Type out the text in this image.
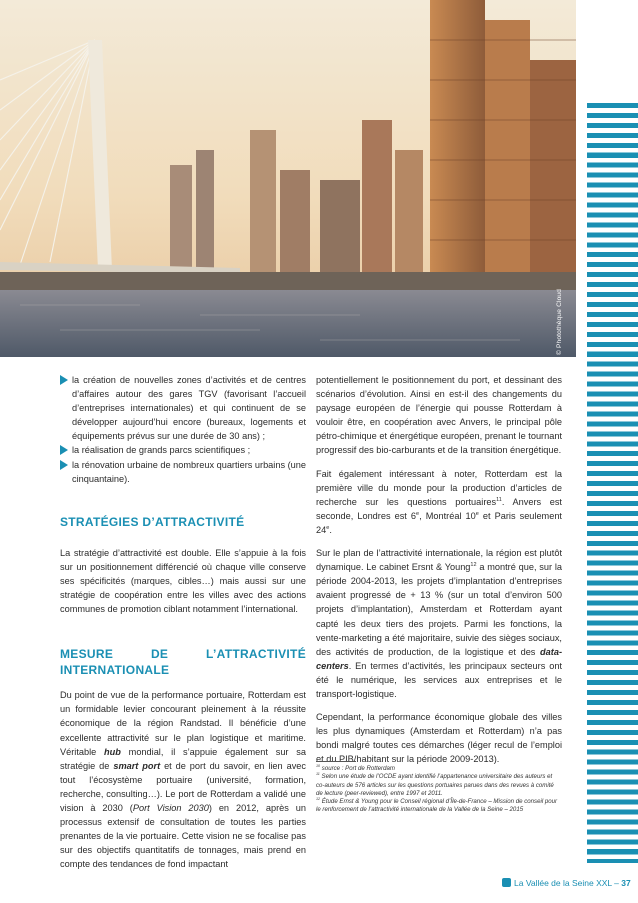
© Photothèque Cloud

la création de nouvelles zones d’activités et de centres d’affaires autour des gares TGV (favorisant l’accueil d’entreprises internationales) et qui continuent de se développer aujourd’hui encore (bureaux, logements et équipements prévus sur une durée de 30 ans) ;

la réalisation de grands parcs scientifiques ;

la rénovation urbaine de nombreux quartiers urbains (une cinquantaine).

STRATÉGIES D’ATTRACTIVITÉ

La stratégie d’attractivité est double. Elle s’appuie à la fois sur un positionnement différencié où chaque ville conserve ses spécificités (marques, cibles…) mais aussi sur une stratégie de coopération entre les villes avec des actions communes de promotion ciblant notamment l’international.

MESURE DE L’ATTRACTIVITÉ INTERNATIONALE

Du point de vue de la performance portuaire, Rotterdam est un formidable levier concourant pleinement à la réussite économique de la région Randstad. Il bénéficie d’une excellente attractivité sur le plan logistique et maritime. Véritable hub mondial, il s’appuie également sur sa stratégie de smart port et de port du savoir, en lien avec tout l’écosystème portuaire (université, formation, recherche, consulting…). Le port de Rotterdam a validé une vision à 2030 (Port Vision 2030) en 2012, après un processus extensif de consultation de toutes les parties prenantes de la vie portuaire. Cette vision ne se focalise pas sur des objectifs quantitatifs de tonnages, mais prend en compte des tendances de fond impactant

potentiellement le positionnement du port, et dessinant des scénarios d’évolution. Ainsi en est-il des changements du paysage européen de l’énergie qui pousse Rotterdam à vouloir être, en coopération avec Anvers, le principal pôle pétro-chimique et énergétique européen, prenant le tournant progressif des bio-carburants et de la transition énergétique.

Fait également intéressant à noter, Rotterdam est la première ville du monde pour la production d’articles de recherche sur les questions portuaires$^{11}$. Anvers est seconde, Londres est 6e, Montréal 10e et Paris seulement 24e.

Sur le plan de l’attractivité internationale, la région est plutôt dynamique. Le cabinet Ersnt & Young$^{12}$ a montré que, sur la période 2004-2013, les projets d’implantation d’entreprises avaient progressé de + 13 % (sur un total d’environ 500 projets d’implantation), Amsterdam et Rotterdam ayant capté les deux tiers des projets. Parmi les fonctions, la vente-marketing a été majoritaire, suivie des sièges sociaux, des activités de production, de la logistique et des data-centers. En termes d’activités, les principaux secteurs ont été le numérique, les services aux entreprises et le transport-logistique.

Cependant, la performance économique globale des villes les plus dynamiques (Amsterdam et Rotterdam) n’a pas bondi malgré toutes ces démarches (léger recul de l’emploi et du PIB/habitant sur la période 2009-2013).

$^{10}$ source : Port de Rotterdam

$^{11}$ Selon une étude de l’OCDE ayant identifié l’appartenance universitaire des auteurs et co-auteurs de 576 articles sur les questions portuaires parues dans des revues à comité de lecture (peer-reviewed), entre 1997 et 2011.

$^{12}$ Étude Ernst & Young pour le Conseil régional d’Île-de-France – Mission de conseil pour le renforcement de l’attractivité internationale de la Vallée de la Seine – 2015

La Vallée de la Seine XXL – 37
